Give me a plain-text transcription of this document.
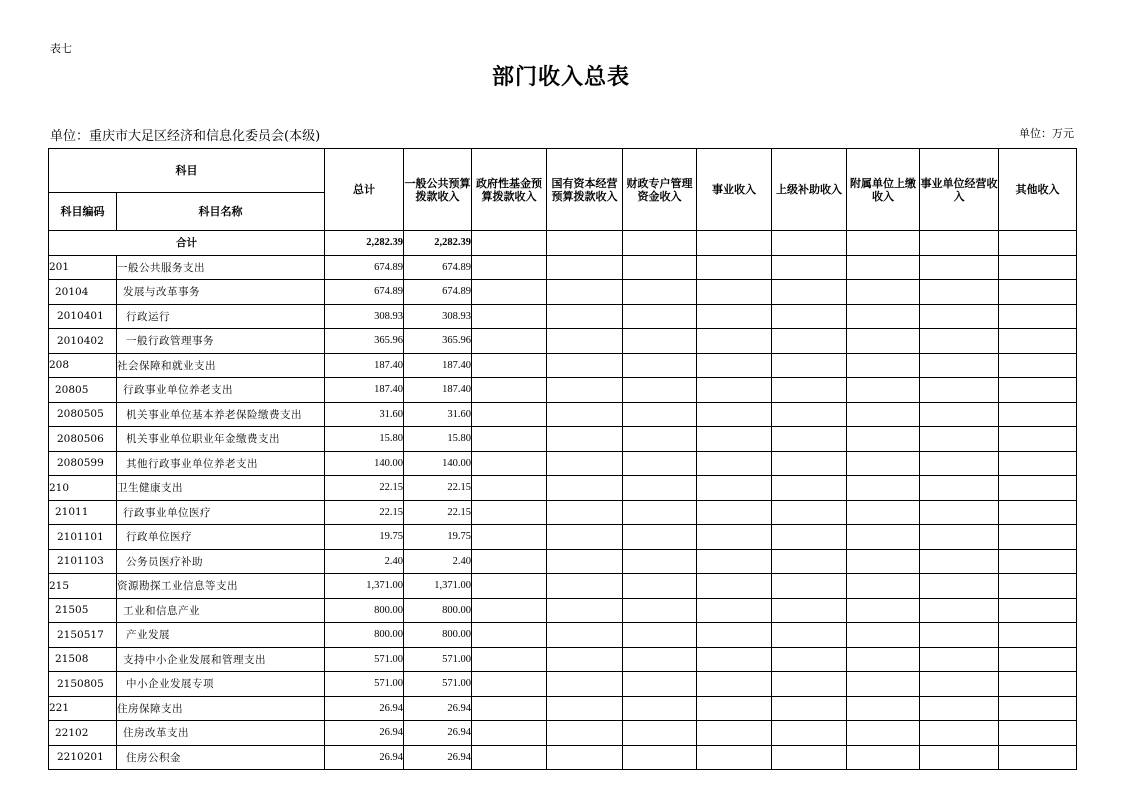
表七
部门收入总表
单位：重庆市大足区经济和信息化委员会(本级)	单位：万元
科目		总计	一般公共预算拨款收入	政府性基金预算拨款收入	国有资本经营预算拨款收入	财政专户管理资金收入	事业收入	上级补助收入	附属单位上缴收入	事业单位经营收入	其他收入
科目编码	科目名称										
合计		2,282.39	2,282.39								
201	一般公共服务支出	674.89	674.89								
20104	发展与改革事务	674.89	674.89								
2010401	行政运行	308.93	308.93								
2010402	一般行政管理事务	365.96	365.96								
208	社会保障和就业支出	187.40	187.40								
20805	行政事业单位养老支出	187.40	187.40								
2080505	机关事业单位基本养老保险缴费支出	31.60	31.60								
2080506	机关事业单位职业年金缴费支出	15.80	15.80								
2080599	其他行政事业单位养老支出	140.00	140.00								
210	卫生健康支出	22.15	22.15								
21011	行政事业单位医疗	22.15	22.15								
2101101	行政单位医疗	19.75	19.75								
2101103	公务员医疗补助	2.40	2.40								
215	资源勘探工业信息等支出	1,371.00	1,371.00								
21505	工业和信息产业	800.00	800.00								
2150517	产业发展	800.00	800.00								
21508	支持中小企业发展和管理支出	571.00	571.00								
2150805	中小企业发展专项	571.00	571.00								
221	住房保障支出	26.94	26.94								
22102	住房改革支出	26.94	26.94								
2210201	住房公积金	26.94	26.94								
